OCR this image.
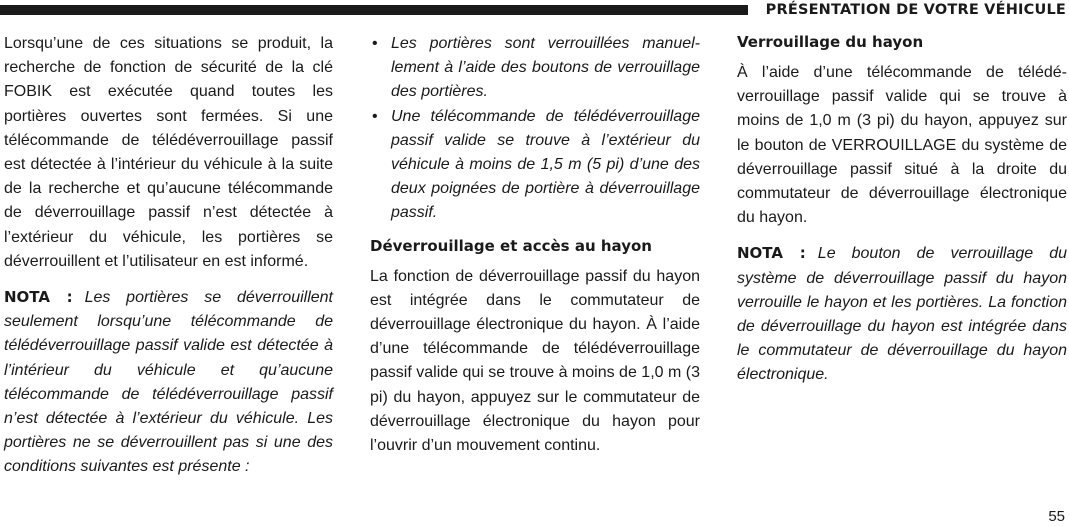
PRÉSENTATION DE VOTRE VÉHICULE

Lorsqu’une de ces situations se produit, la recherche de fonction de sécurité de la clé FOBIK est exécutée quand toutes les portières ouvertes sont fermées. Si une télécommande de télédéverrouillage passif est détectée à l’intérieur du véhicule à la suite de la recherche et qu’aucune télécommande de déverrouillage passif n’est détectée à l’extérieur du véhicule, les portières se déverrouillent et l’utilisateur en est informé.

NOTA : Les portières se déverrouillent seulement lorsqu’une télécommande de télédéverrouillage passif valide est détectée à l’intérieur du véhicule et qu’aucune télécommande de télédéverrouillage passif n’est détectée à l’extérieur du véhicule. Les portières ne se déverrouillent pas si une des conditions suivantes est présente :

• Les portières sont verrouillées manuellement à l’aide des boutons de verrouillage des portières.
• Une télécommande de télédéverrouillage passif valide se trouve à l’extérieur du véhicule à moins de 1,5 m (5 pi) d’une des deux poignées de portière à déverrouillage passif.
Déverrouillage et accès au hayon

La fonction de déverrouillage passif du hayon est intégrée dans le commutateur de déverrouillage électronique du hayon. À l’aide d’une télécommande de télédéverrouillage passif valide qui se trouve à moins de 1,0 m (3 pi) du hayon, appuyez sur le commutateur de déverrouillage électronique du hayon pour l’ouvrir d’un mouvement continu.

Verrouillage du hayon

À l’aide d’une télécommande de télédéverrouillage passif valide qui se trouve à moins de 1,0 m (3 pi) du hayon, appuyez sur le bouton de VERROUILLAGE du système de déverrouillage passif situé à la droite du commutateur de déverrouillage électronique du hayon.

NOTA : Le bouton de verrouillage du système de déverrouillage passif du hayon verrouille le hayon et les portières. La fonction de déverrouillage du hayon est intégrée dans le commutateur de déverrouillage du hayon électronique.

55
